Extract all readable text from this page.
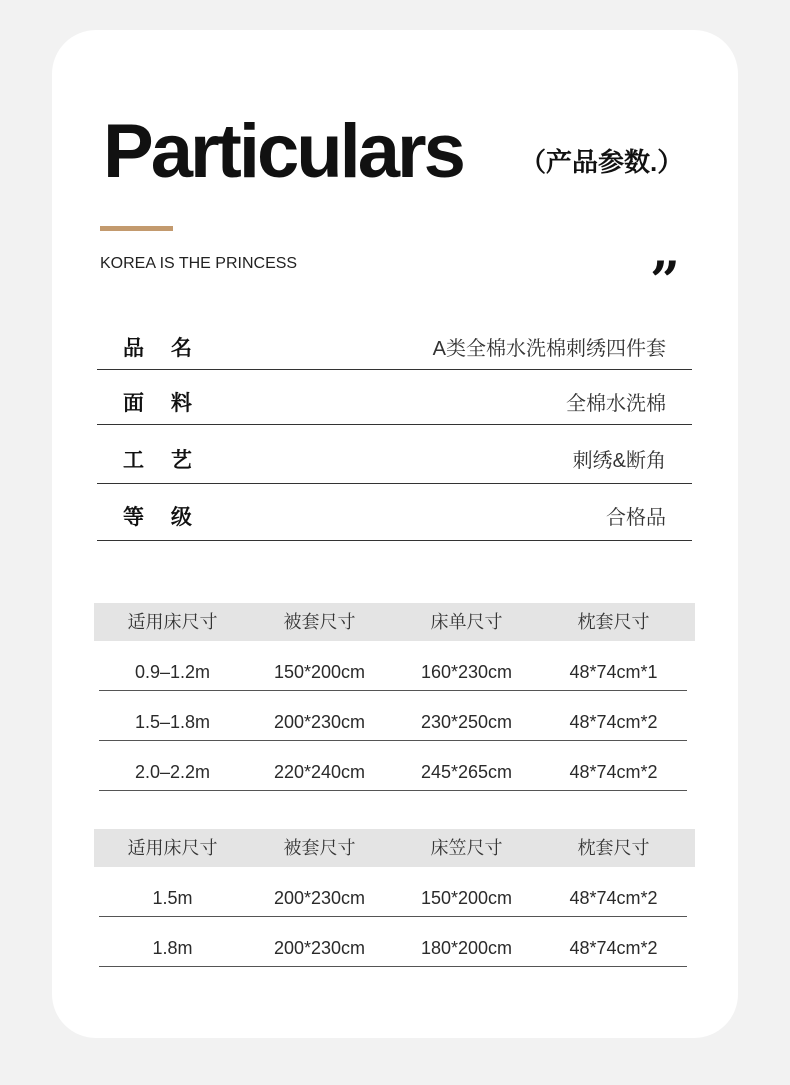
Particulars （产品参数.）
KOREA IS THE PRINCESS	”
品 名	A类全棉水洗棉刺绣四件套
面 料	全棉水洗棉
工 艺	刺绣&断角
等 级	合格品
适用床尺寸	被套尺寸	床单尺寸	枕套尺寸
0.9–1.2m	150*200cm	160*230cm	48*74cm*1
1.5–1.8m	200*230cm	230*250cm	48*74cm*2
2.0–2.2m	220*240cm	245*265cm	48*74cm*2
适用床尺寸	被套尺寸	床笠尺寸	枕套尺寸
1.5m	200*230cm	150*200cm	48*74cm*2
1.8m	200*230cm	180*200cm	48*74cm*2
